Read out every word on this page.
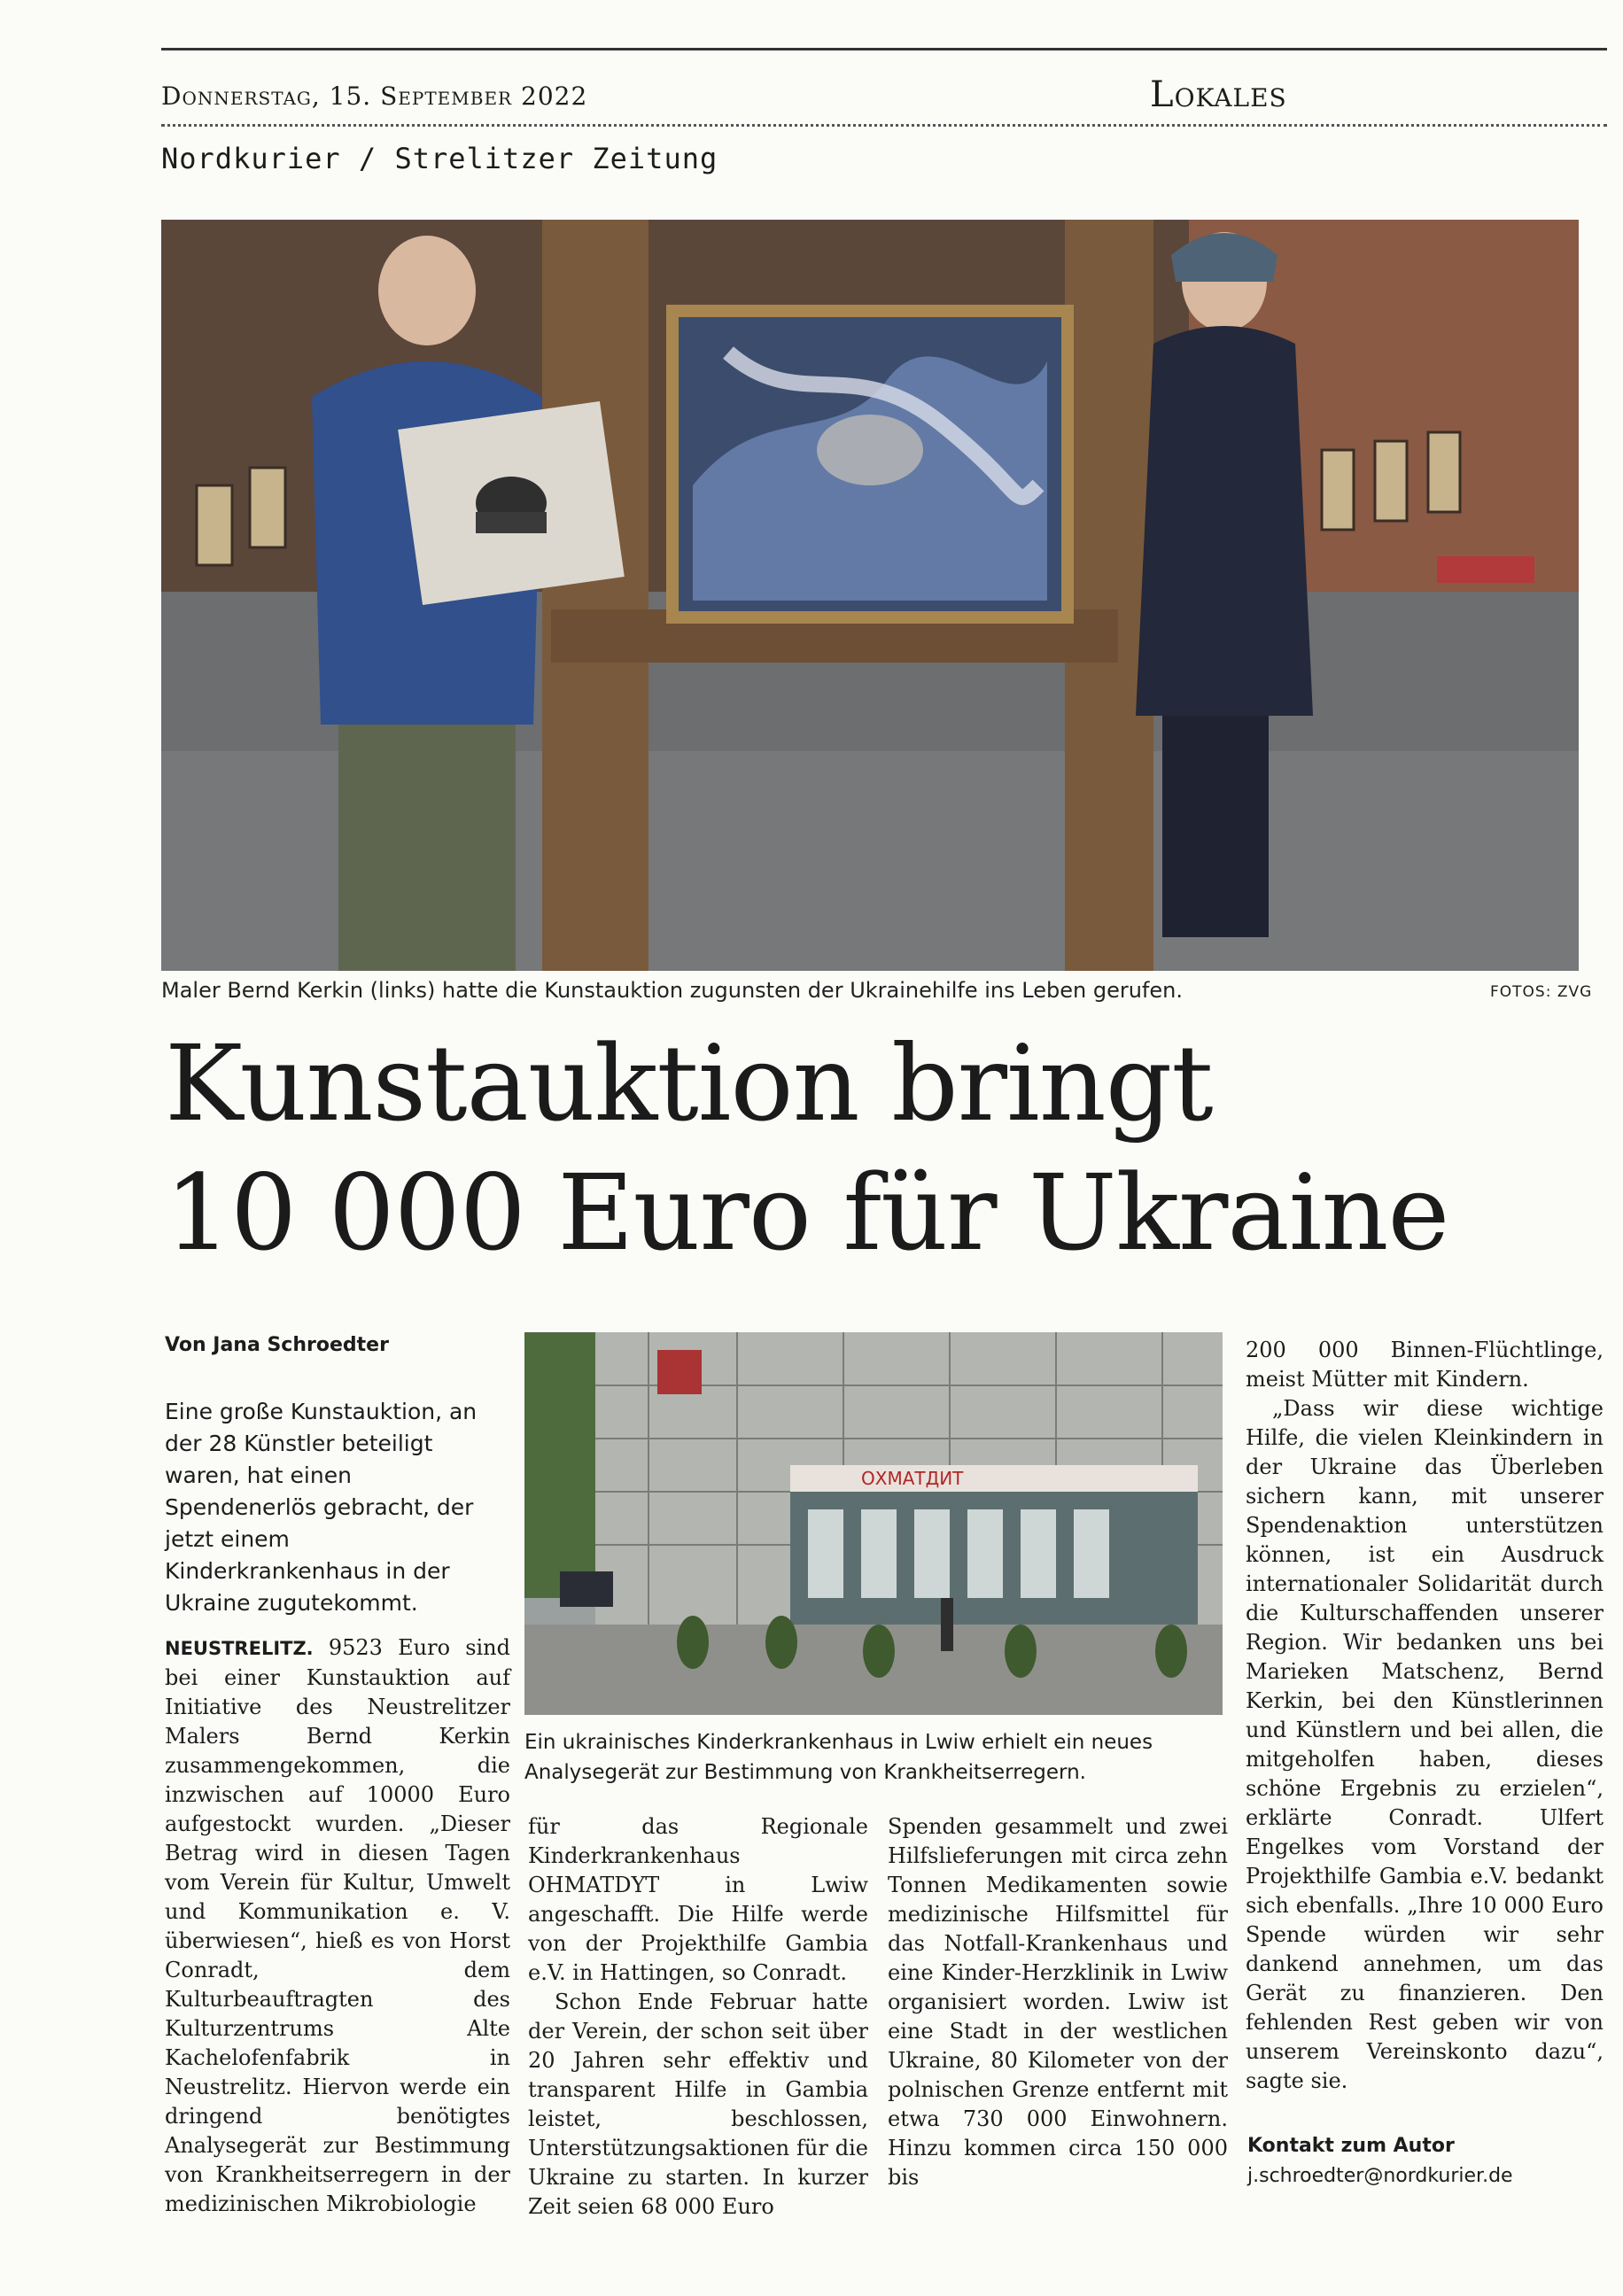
Donnerstag, 15. September 2022	Lokales
Nordkurier / Strelitzer Zeitung
Maler Bernd Kerkin (links) hatte die Kunstauktion zugunsten der Ukrainehilfe ins Leben gerufen.	FOTOS: ZVG
Kunstauktion bringt
10 000 Euro für Ukraine
Von Jana Schroedter
Eine große Kunstauktion, an der 28 Künstler beteiligt waren, hat einen Spendenerlös gebracht, der jetzt einem Kinderkrankenhaus in der Ukraine zugutekommt.

NEUSTRELITZ. 9523 Euro sind bei einer Kunstauktion auf Initiative des Neustrelitzer Malers Bernd Kerkin zusammengekommen, die inzwischen auf 10000 Euro aufgestockt wurden. „Dieser Betrag wird in diesen Tagen vom Verein für Kultur, Umwelt und Kommunikation e. V. überwiesen“, hieß es von Horst Conradt, dem Kulturbeauftragten des Kulturzentrums Alte Kachelofenfabrik in Neustrelitz. Hiervon werde ein dringend benötigtes Analysegerät zur Bestimmung von Krankheitserregern in der medizinischen Mikrobiologie

ОХМАТДИТ
Ein ukrainisches Kinderkrankenhaus in Lwiw erhielt ein neues Analysegerät zur Bestimmung von Krankheitserregern.

für das Regionale Kinderkrankenhaus OHMATDYT in Lwiw angeschafft. Die Hilfe werde von der Projekthilfe Gambia e.V. in Hattingen, so Conradt.

Schon Ende Februar hatte der Verein, der schon seit über 20 Jahren sehr effektiv und transparent Hilfe in Gambia leistet, beschlossen, Unterstützungsaktionen für die Ukraine zu starten. In kurzer Zeit seien 68 000 Euro

Spenden gesammelt und zwei Hilfslieferungen mit circa zehn Tonnen Medikamenten sowie medizinische Hilfsmittel für das Notfall-Krankenhaus und eine Kinder-Herzklinik in Lwiw organisiert worden. Lwiw ist eine Stadt in der westlichen Ukraine, 80 Kilometer von der polnischen Grenze entfernt mit etwa 730 000 Einwohnern. Hinzu kommen circa 150 000 bis

200 000 Binnen-Flüchtlinge, meist Mütter mit Kindern.

„Dass wir diese wichtige Hilfe, die vielen Kleinkindern in der Ukraine das Überleben sichern kann, mit unserer Spendenaktion unterstützen können, ist ein Ausdruck internationaler Solidarität durch die Kulturschaffenden unserer Region. Wir bedanken uns bei Marieken Matschenz, Bernd Kerkin, bei den Künstlerinnen und Künstlern und bei allen, die mitgeholfen haben, dieses schöne Ergebnis zu erzielen“, erklärte Conradt. Ulfert Engelkes vom Vorstand der Projekthilfe Gambia e.V. bedankt sich ebenfalls. „Ihre 10 000 Euro Spende würden wir sehr dankend annehmen, um das Gerät zu finanzieren. Den fehlenden Rest geben wir von unserem Vereinskonto dazu“, sagte sie.

Kontakt zum Autor
j.schroedter@nordkurier.de
